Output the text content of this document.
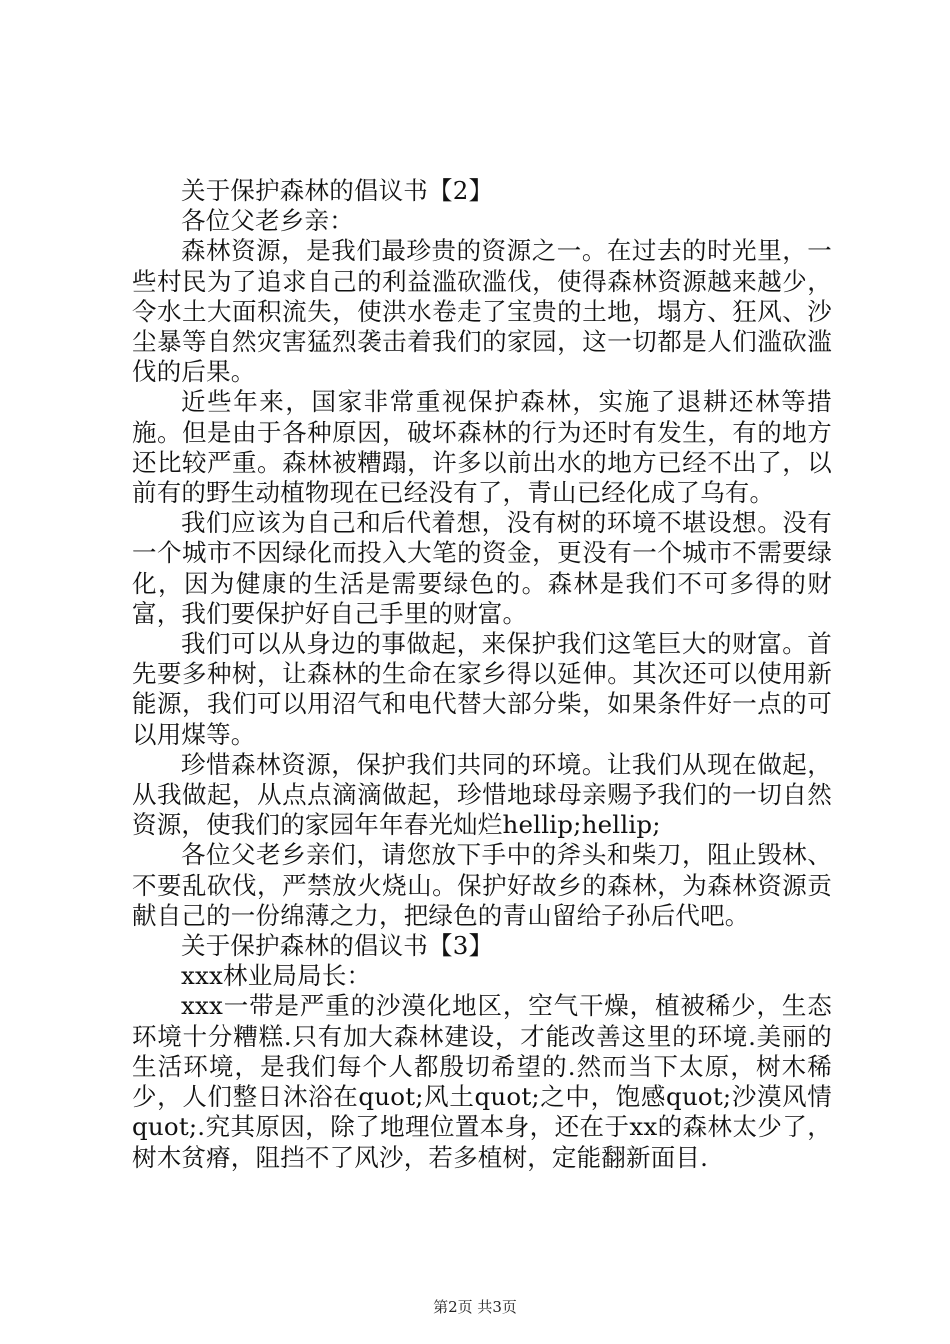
关于保护森林的倡议书【2】

各位父老乡亲：

森林资源，是我们最珍贵的资源之一。在过去的时光里，一些村民为了追求自己的利益滥砍滥伐，使得森林资源越来越少，令水土大面积流失，使洪水卷走了宝贵的土地，塌方、狂风、沙尘暴等自然灾害猛烈袭击着我们的家园，这一切都是人们滥砍滥伐的后果。

近些年来，国家非常重视保护森林，实施了退耕还林等措施。但是由于各种原因，破坏森林的行为还时有发生，有的地方还比较严重。森林被糟蹋，许多以前出水的地方已经不出了，以前有的野生动植物现在已经没有了，青山已经化成了乌有。

我们应该为自己和后代着想，没有树的环境不堪设想。没有一个城市不因绿化而投入大笔的资金，更没有一个城市不需要绿化，因为健康的生活是需要绿色的。森林是我们不可多得的财富，我们要保护好自己手里的财富。

我们可以从身边的事做起，来保护我们这笔巨大的财富。首先要多种树，让森林的生命在家乡得以延伸。其次还可以使用新能源，我们可以用沼气和电代替大部分柴，如果条件好一点的可以用煤等。

珍惜森林资源，保护我们共同的环境。让我们从现在做起，从我做起，从点点滴滴做起，珍惜地球母亲赐予我们的一切自然资源，使我们的家园年年春光灿烂hellip;hellip;

各位父老乡亲们，请您放下手中的斧头和柴刀，阻止毁林、不要乱砍伐，严禁放火烧山。保护好故乡的森林，为森林资源贡献自己的一份绵薄之力，把绿色的青山留给子孙后代吧。

关于保护森林的倡议书【3】

xxx林业局局长：

xxx一带是严重的沙漠化地区，空气干燥，植被稀少，生态环境十分糟糕.只有加大森林建设，才能改善这里的环境.美丽的生活环境，是我们每个人都殷切希望的.然而当下太原，树木稀少，人们整日沐浴在quot;风土quot;之中，饱感quot;沙漠风情quot;.究其原因，除了地理位置本身，还在于xx的森林太少了，树木贫瘠，阻挡不了风沙，若多植树，定能翻新面目.

第2页 共3页
